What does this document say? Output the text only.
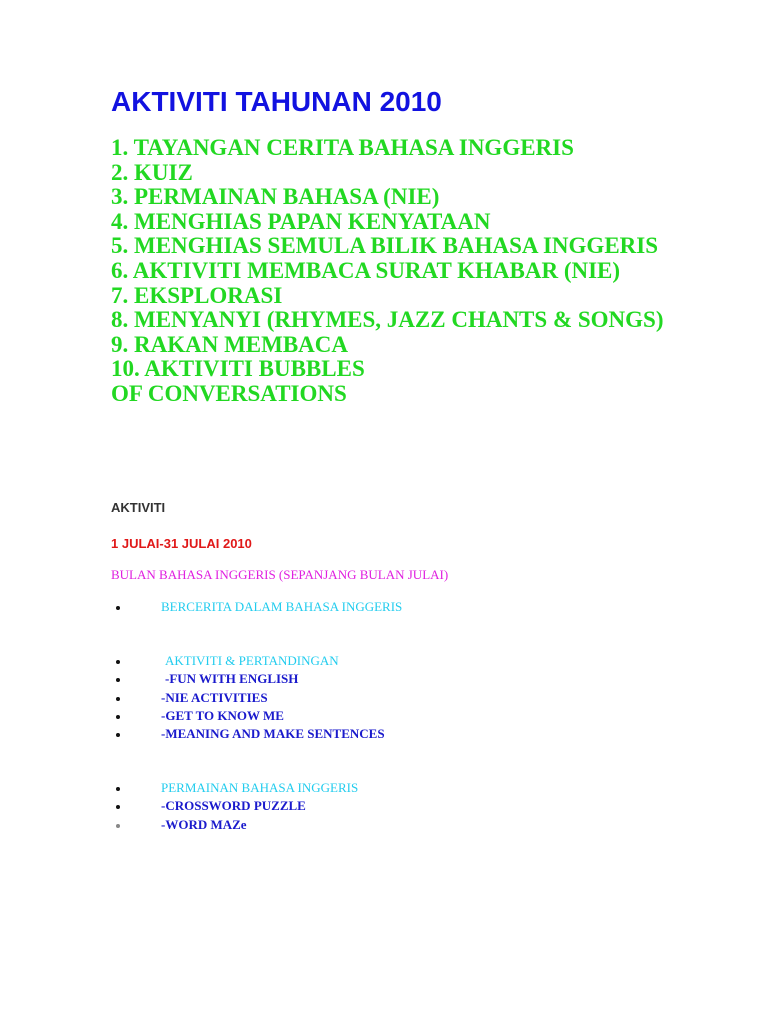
AKTIVITI TAHUNAN 2010
1. TAYANGAN CERITA BAHASA INGGERIS
2. KUIZ
3. PERMAINAN BAHASA (NIE)
4. MENGHIAS PAPAN KENYATAAN
5. MENGHIAS SEMULA BILIK BAHASA INGGERIS
6. AKTIVITI MEMBACA SURAT KHABAR (NIE)
7. EKSPLORASI
8. MENYANYI (RHYMES, JAZZ CHANTS & SONGS)
9. RAKAN MEMBACA
10. AKTIVITI BUBBLES
OF CONVERSATIONS
AKTIVITI
1 JULAI-31 JULAI 2010
BULAN BAHASA INGGERIS (SEPANJANG BULAN JULAI)
BERCERITA DALAM BAHASA INGGERIS
AKTIVITI & PERTANDINGAN
-FUN WITH ENGLISH
-NIE ACTIVITIES
-GET TO KNOW ME
-MEANING AND MAKE SENTENCES
PERMAINAN BAHASA INGGERIS
-CROSSWORD PUZZLE
-WORD MAZe
